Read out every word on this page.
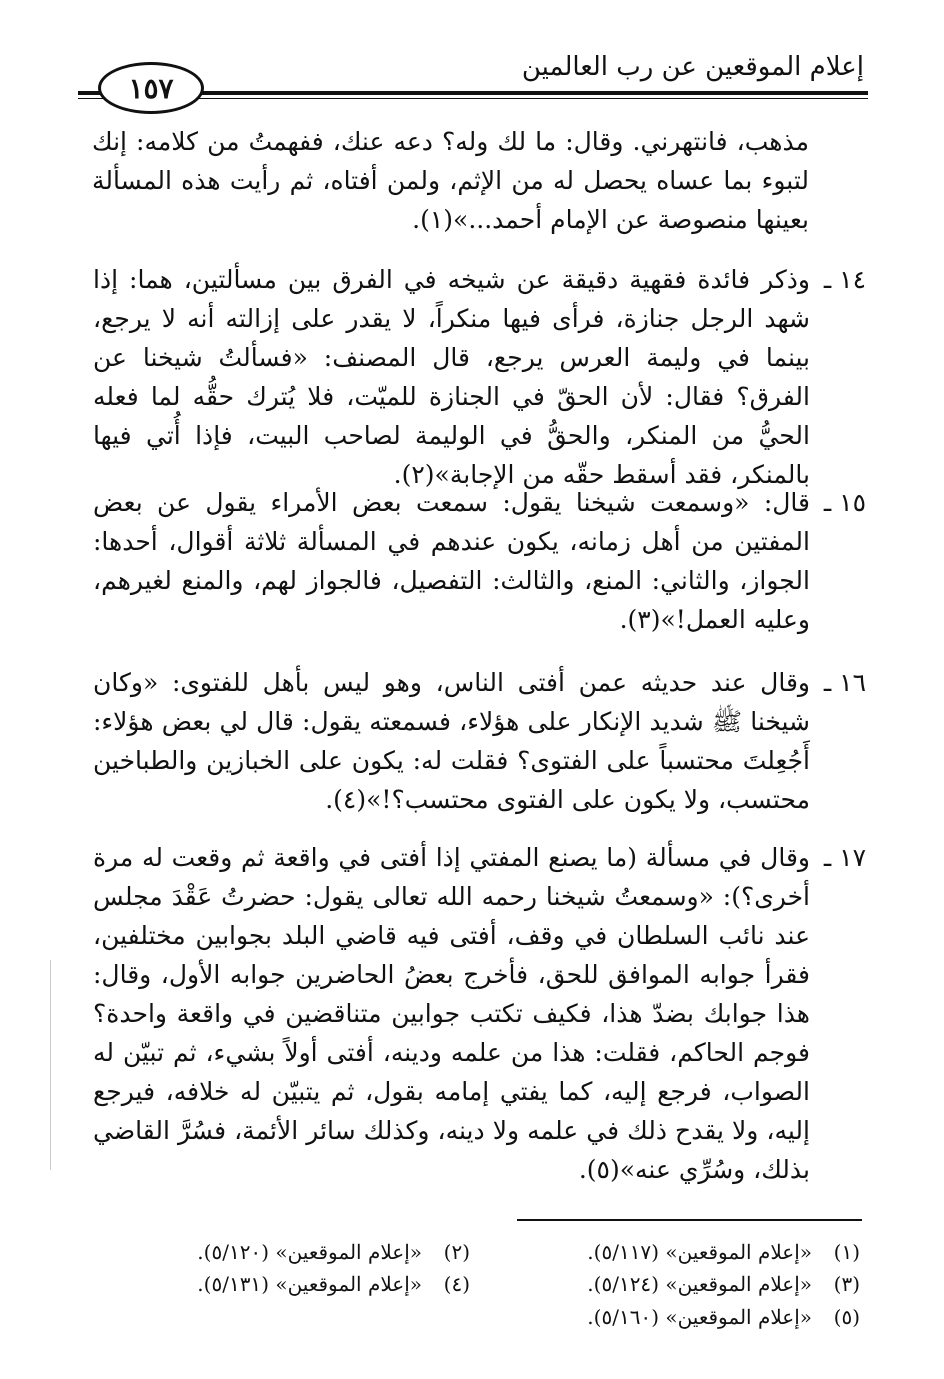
إعلام الموقعين عن رب العالمين
١٥٧
مذهب، فانتهرني. وقال: ما لك وله؟ دعه عنك، ففهمتُ من كلامه: إنك لتبوء بما عساه يحصل له من الإثم، ولمن أفتاه، ثم رأيت هذه المسألة بعينها منصوصة عن الإمام أحمد...»(١).
١٤ ـ
وذكر فائدة فقهية دقيقة عن شيخه في الفرق بين مسألتين، هما: إذا شهد الرجل جنازة، فرأى فيها منكراً، لا يقدر على إزالته أنه لا يرجع، بينما في وليمة العرس يرجع، قال المصنف: «فسألتُ شيخنا عن الفرق؟ فقال: لأن الحقّ في الجنازة للميّت، فلا يُترك حقُّه لما فعله الحيُّ من المنكر، والحقُّ في الوليمة لصاحب البيت، فإذا أُتي فيها بالمنكر، فقد أسقط حقّه من الإجابة»(٢).
١٥ ـ
قال: «وسمعت شيخنا يقول: سمعت بعض الأمراء يقول عن بعض المفتين من أهل زمانه، يكون عندهم في المسألة ثلاثة أقوال، أحدها: الجواز، والثاني: المنع، والثالث: التفصيل، فالجواز لهم، والمنع لغيرهم، وعليه العمل!»(٣).
١٦ ـ
وقال عند حديثه عمن أفتى الناس، وهو ليس بأهل للفتوى: «وكان شيخنا ﷺ شديد الإنكار على هؤلاء، فسمعته يقول: قال لي بعض هؤلاء: أَجُعِلتَ محتسباً على الفتوى؟ فقلت له: يكون على الخبازين والطباخين محتسب، ولا يكون على الفتوى محتسب؟!»(٤).
١٧ ـ
وقال في مسألة (ما يصنع المفتي إذا أفتى في واقعة ثم وقعت له مرة أخرى؟): «وسمعتُ شيخنا رحمه الله تعالى يقول: حضرتُ عَقْدَ مجلس عند نائب السلطان في وقف، أفتى فيه قاضي البلد بجوابين مختلفين، فقرأ جوابه الموافق للحق، فأخرج بعضُ الحاضرين جوابه الأول، وقال: هذا جوابك بضدّ هذا، فكيف تكتب جوابين متناقضين في واقعة واحدة؟ فوجم الحاكم، فقلت: هذا من علمه ودينه، أفتى أولاً بشيء، ثم تبيّن له الصواب، فرجع إليه، كما يفتي إمامه بقول، ثم يتبيّن له خلافه، فيرجع إليه، ولا يقدح ذلك في علمه ولا دينه، وكذلك سائر الأئمة، فسُرَّ القاضي بذلك، وسُرِّي عنه»(٥).
(١)«إعلام الموقعين» (٥/١١٧).
(٢)«إعلام الموقعين» (٥/١٢٠).
(٣)«إعلام الموقعين» (٥/١٢٤).
(٤)«إعلام الموقعين» (٥/١٣١).
(٥)«إعلام الموقعين» (٥/١٦٠).
